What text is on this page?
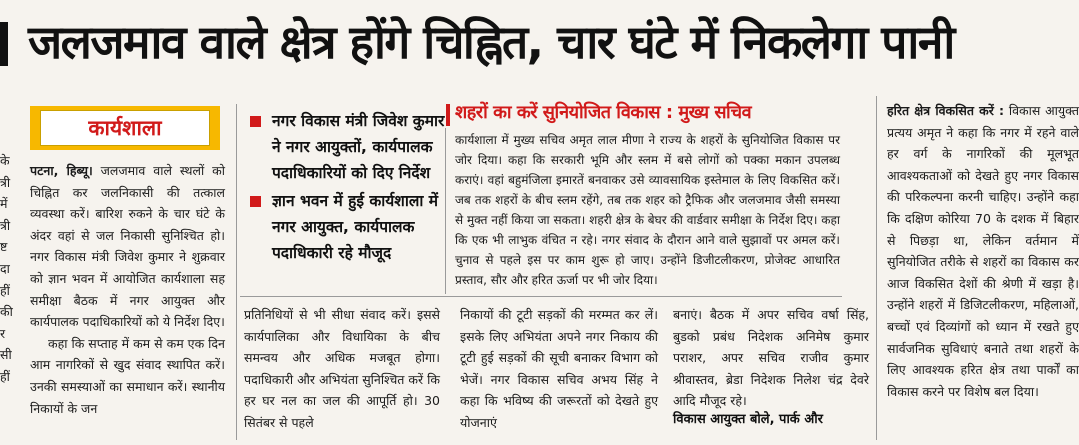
जलजमाव वाले क्षेत्र होंगे चिह्नित, चार घंटे में निकलेगा पानी
के
त्री
में
त्री
ष्ट
दा
हीं
की
र
सी
हीं
कार्यशाला

पटना, हिब्यू। जलजमाव वाले स्थलों को चिह्नित कर जलनिकासी की तत्काल व्यवस्था करें। बारिश रुकने के चार घंटे के अंदर वहां से जल निकासी सुनिश्चित हो। नगर विकास मंत्री जिवेश कुमार ने शुक्रवार को ज्ञान भवन में आयोजित कार्यशाला सह समीक्षा बैठक में नगर आयुक्त और कार्यपालक पदाधिकारियों को ये निर्देश दिए।

कहा कि सप्ताह में कम से कम एक दिन आम नागरिकों से खुद संवाद स्थापित करें। उनकी समस्याओं का समाधान करें। स्थानीय निकायों के जन

नगर विकास मंत्री जिवेश कुमार ने नगर आयुक्तों, कार्यपालक पदाधिकारियों को दिए निर्देश
ज्ञान भवन में हुई कार्यशाला में नगर आयुक्त, कार्यपालक पदाधिकारी रहे मौजूद
शहरों का करें सुनियोजित विकास : मुख्य सचिव
कार्यशाला में मुख्य सचिव अमृत लाल मीणा ने राज्य के शहरों के सुनियोजित विकास पर जोर दिया। कहा कि सरकारी भूमि और स्लम में बसे लोगों को पक्का मकान उपलब्ध कराएं। वहां बहुमंजिला इमारतें बनवाकर उसे व्यावसायिक इस्तेमाल के लिए विकसित करें। जब तक शहरों के बीच स्लम रहेंगे, तब तक शहर को ट्रैफिक और जलजमाव जैसी समस्या से मुक्त नहीं किया जा सकता। शहरी क्षेत्र के बेघर की वार्डवार समीक्षा के निर्देश दिए। कहा कि एक भी लाभुक वंचित न रहे। नगर संवाद के दौरान आने वाले सुझावों पर अमल करें। चुनाव से पहले इस पर काम शुरू हो जाए। उन्होंने डिजीटलीकरण, प्रोजेक्ट आधारित प्रस्ताव, सौर और हरित ऊर्जा पर भी जोर दिया।
प्रतिनिधियों से भी सीधा संवाद करें। इससे कार्यपालिका और विधायिका के बीच समन्वय और अधिक मजबूत होगा। पदाधिकारी और अभियंता सुनिश्चित करें कि हर घर नल का जल की आपूर्ति हो। 30 सितंबर से पहले
निकायों की टूटी सड़कों की मरम्मत कर लें। इसके लिए अभियंता अपने नगर निकाय की टूटी हुई सड़कों की सूची बनाकर विभाग को भेजें। नगर विकास सचिव अभय सिंह ने कहा कि भविष्य की जरूरतों को देखते हुए योजनाएं
बनाएं। बैठक में अपर सचिव वर्षा सिंह, बुडको प्रबंध निदेशक अनिमेष कुमार पराशर, अपर सचिव राजीव कुमार श्रीवास्तव, ब्रेडा निदेशक निलेश चंद्र देवरे आदि मौजूद रहे।
विकास आयुक्त बोले, पार्क और
हरित क्षेत्र विकसित करें : विकास आयुक्त प्रत्यय अमृत ने कहा कि नगर में रहने वाले हर वर्ग के नागरिकों की मूलभूत आवश्यकताओं को देखते हुए नगर विकास की परिकल्पना करनी चाहिए। उन्होंने कहा कि दक्षिण कोरिया 70 के दशक में बिहार से पिछड़ा था, लेकिन वर्तमान में सुनियोजित तरीके से शहरों का विकास कर आज विकसित देशों की श्रेणी में खड़ा है। उन्होंने शहरों में डिजिटलीकरण, महिलाओं, बच्चों एवं दिव्यांगों को ध्यान में रखते हुए सार्वजनिक सुविधाएं बनाते तथा शहरों के लिए आवश्यक हरित क्षेत्र तथा पार्कों का विकास करने पर विशेष बल दिया।
